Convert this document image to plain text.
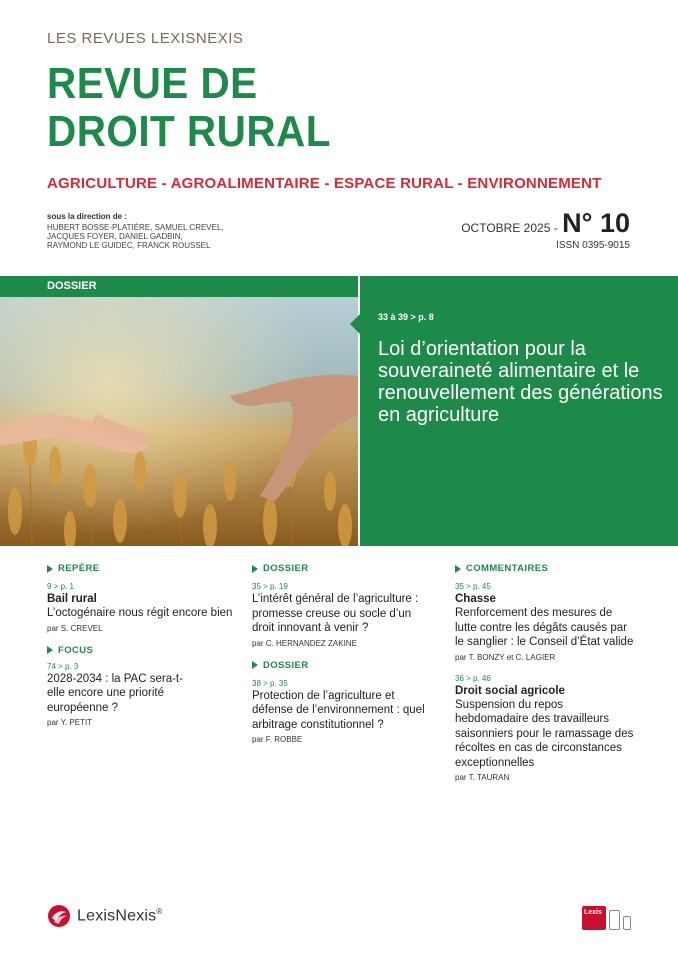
LES REVUES LEXISNEXIS
REVUE DE
DROIT RURAL
AGRICULTURE - AGROALIMENTAIRE - ESPACE RURAL - ENVIRONNEMENT
sous la direction de :
HUBERT BOSSE-PLATIÈRE, SAMUEL CREVEL,
JACQUES FOYER, DANIEL GADBIN,
RAYMOND LE GUIDEC, FRANCK ROUSSEL
OCTOBRE 2025 - N° 10
ISSN 0395-9015
DOSSIER
33 à 39 > p. 8
Loi d’orientation pour la souveraineté alimentaire et le renouvellement des générations en agriculture
REPÈRE
9 > p. 1
Bail rural
L’octogénaire nous régit encore bien
par S. CREVEL
FOCUS
74 > p. 3
2028-2034 : la PAC sera-t-elle encore une priorité européenne ?
par Y. PETIT
DOSSIER
35 > p. 19
L’intérêt général de l’agriculture : promesse creuse ou socle d’un droit innovant à venir ?
par C. HERNANDEZ ZAKINE
DOSSIER
38 > p. 35
Protection de l’agriculture et défense de l’environnement : quel arbitrage constitutionnel ?
par F. ROBBE
COMMENTAIRES
35 > p. 45
Chasse
Renforcement des mesures de lutte contre les dégâts causés par le sanglier : le Conseil d’État valide
par T. BONZY et C. LAGIER
36 > p. 46
Droit social agricole
Suspension du repos hebdomadaire des travailleurs saisonniers pour le ramassage des récoltes en cas de circonstances exceptionnelles
par T. TAURAN
LexisNexis®	Lexis
